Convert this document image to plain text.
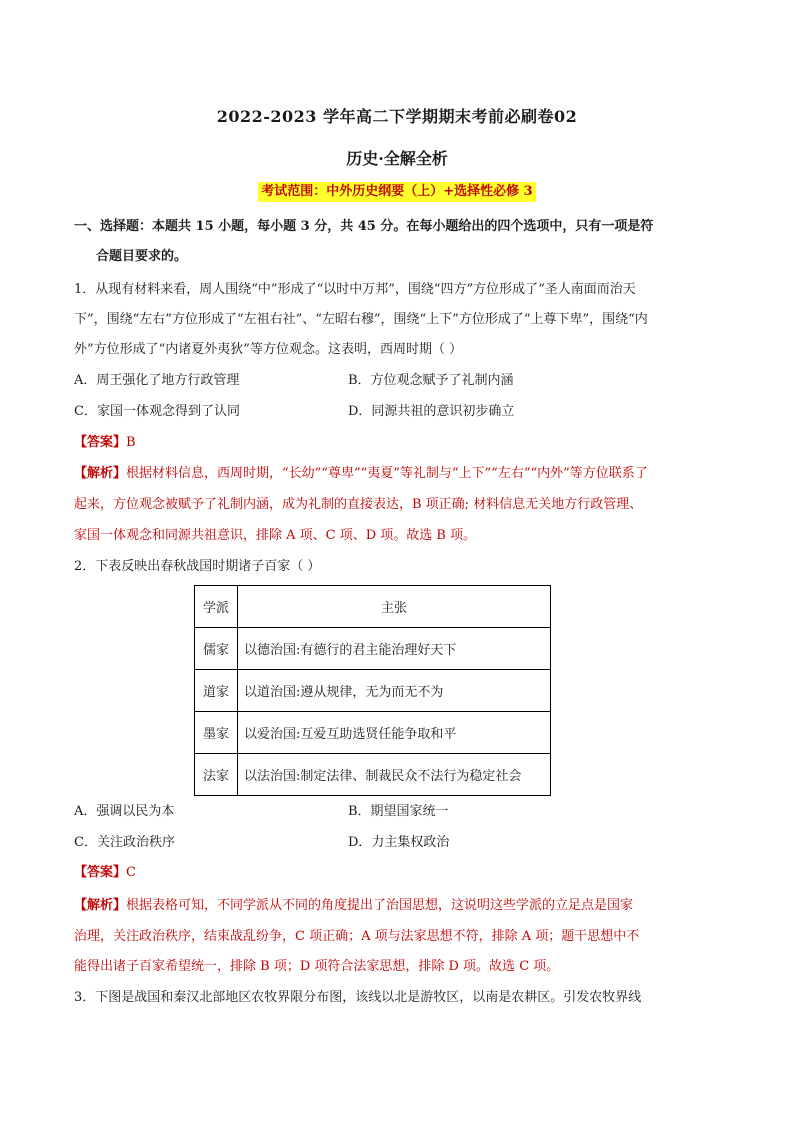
2022-2023 学年高二下学期期末考前必刷卷02
历史·全解全析
考试范围：中外历史纲要（上）+选择性必修 3
一、选择题：本题共 15 小题，每小题 3 分，共 45 分。在每小题给出的四个选项中，只有一项是符
合题目要求的。
1．从现有材料来看，周人围绕“中”形成了“以时中万邦”，围绕“四方”方位形成了“圣人南面而治天
下”，围绕“左右”方位形成了“左祖右社”、“左昭右穆”，围绕“上下”方位形成了“上尊下卑”，围绕“内
外”方位形成了“内诸夏外夷狄”等方位观念。这表明，西周时期（ ）
A．周王强化了地方行政管理	B．方位观念赋予了礼制内涵
C．家国一体观念得到了认同	D．同源共祖的意识初步确立
【答案】B
【解析】根据材料信息，西周时期，“长幼”“尊卑”“夷夏”等礼制与“上下”“左右”“内外”等方位联系了
起来，方位观念被赋予了礼制内涵，成为礼制的直接表达，B 项正确; 材料信息无关地方行政管理、
家国一体观念和同源共祖意识，排除 A 项、C 项、D 项。故选 B 项。
2．下表反映出春秋战国时期诸子百家（ ）
学派	主张
儒家	以德治国:有德行的君主能治理好天下
道家	以道治国:遵从规律，无为而无不为
墨家	以爱治国:互爱互助选贤任能争取和平
法家	以法治国:制定法律、制裁民众不法行为稳定社会
A．强调以民为本	B．期望国家统一
C．关注政治秩序	D．力主集权政治
【答案】C
【解析】根据表格可知，不同学派从不同的角度提出了治国思想，这说明这些学派的立足点是国家
治理，关注政治秩序，结束战乱纷争，C 项正确；A 项与法家思想不符，排除 A 项；题干思想中不
能得出诸子百家希望统一，排除 B 项；D 项符合法家思想，排除 D 项。故选 C 项。
3．下图是战国和秦汉北部地区农牧界限分布图，该线以北是游牧区，以南是农耕区。引发农牧界线
